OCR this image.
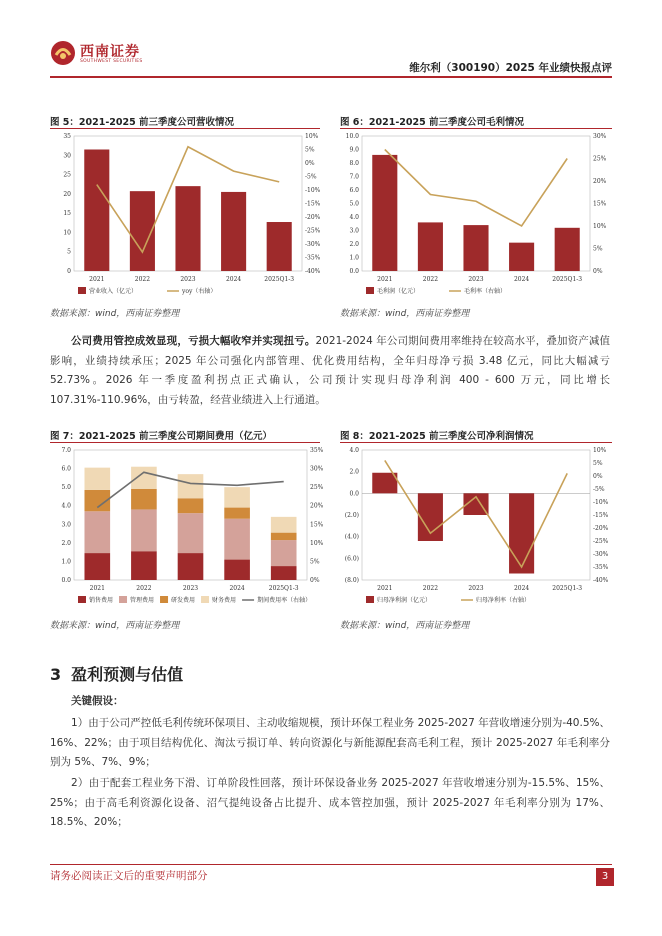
西南证券
SOUTHWEST SECURITIES
维尔利（300190）2025 年业绩快报点评
图 5：2021-2025 前三季度公司营收情况
0
5
10
15
20
25
30
35
-40%
-35%
-30%
-25%
-20%
-15%
-10%
-5%
0%
5%
10%
2021	2022	2023	2024	2025Q1-3
营业收入（亿元）	yoy（右轴）
数据来源：wind，西南证券整理
图 6：2021-2025 前三季度公司毛利情况
0.0
1.0
2.0
3.0
4.0
5.0
6.0
7.0
8.0
9.0
10.0
0%
5%
10%
15%
20%
25%
30%
2021	2022	2023	2024	2025Q1-3
毛利润（亿元）	毛利率（右轴）
数据来源：wind，西南证券整理
公司费用管控成效显现，亏损大幅收窄并实现扭亏。2021-2024 年公司期间费用率维持在较高水平，叠加资产减值影响，业绩持续承压；2025 年公司强化内部管理、优化费用结构，全年归母净亏损 3.48 亿元，同比大幅减亏 52.73%。2026 年一季度盈利拐点正式确认，公司预计实现归母净利润 400 - 600 万元，同比增长 107.31%-110.96%，由亏转盈，经营业绩进入上行通道。
图 7：2021-2025 前三季度公司期间费用（亿元）
0.0
1.0
2.0
3.0
4.0
5.0
6.0
7.0
0%
5%
10%
15%
20%
25%
30%
35%
2021	2022	2023	2024	2025Q1-3
销售费用	管理费用	研发费用	财务费用	期间费用率（右轴）
数据来源：wind，西南证券整理
图 8：2021-2025 前三季度公司净利润情况
(8.0)
(6.0)
(4.0)
(2.0)
0.0
2.0
4.0
-40%
-35%
-30%
-25%
-20%
-15%
-10%
-5%
0%
5%
10%
2021	2022	2023	2024	2025Q1-3
归母净利润（亿元）	归母净利率（右轴）
数据来源：wind，西南证券整理
3 盈利预测与估值
关键假设：
1）由于公司严控低毛利传统环保项目、主动收缩规模，预计环保工程业务 2025-2027 年营收增速分别为-40.5%、16%、22%；由于项目结构优化、淘汰亏损订单、转向资源化与新能源配套高毛利工程，预计 2025-2027 年毛利率分别为 5%、7%、9%；
2）由于配套工程业务下滑、订单阶段性回落，预计环保设备业务 2025-2027 年营收增速分别为-15.5%、15%、25%；由于高毛利资源化设备、沼气提纯设备占比提升、成本管控加强，预计 2025-2027 年毛利率分别为 17%、18.5%、20%；
请务必阅读正文后的重要声明部分	3
